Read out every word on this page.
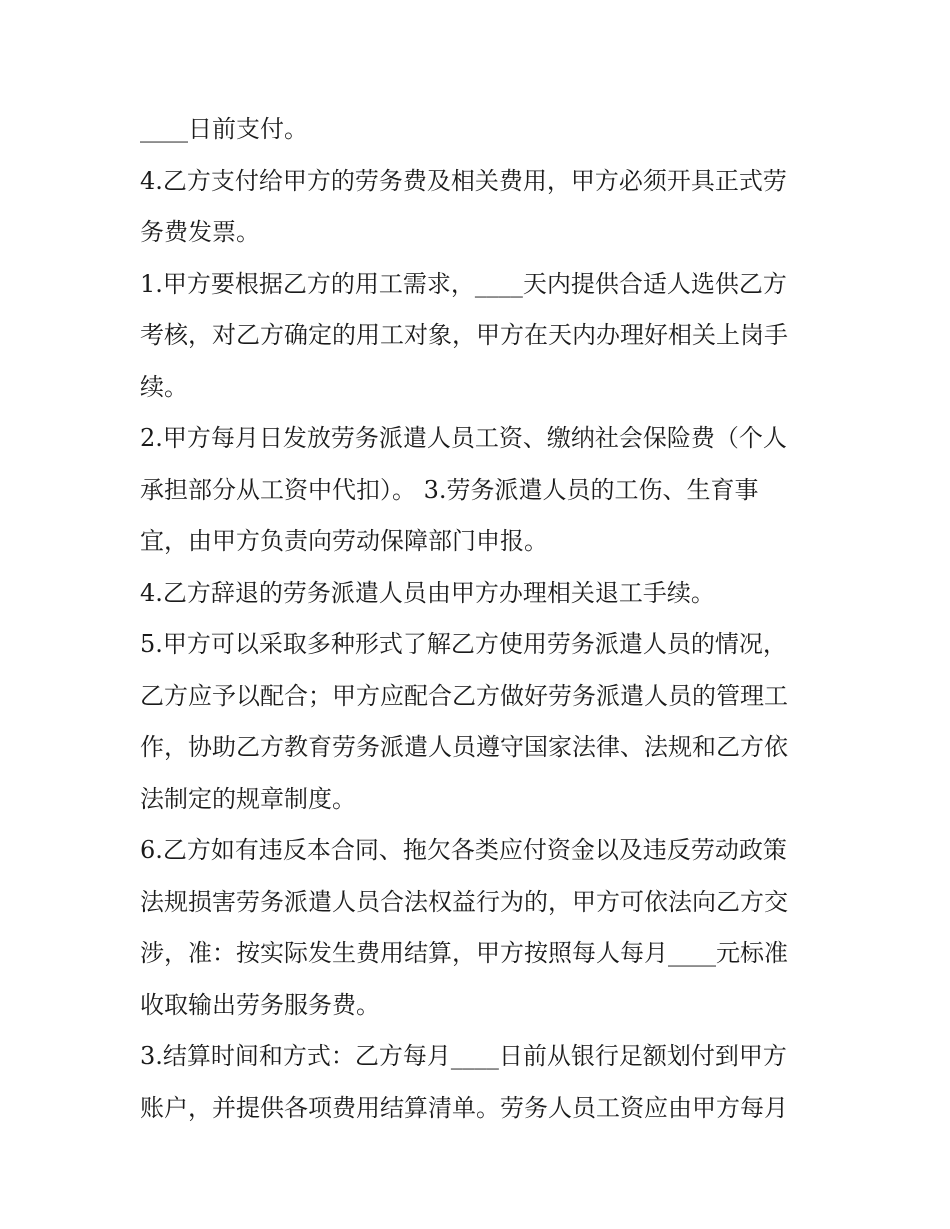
____日前支付。
4.乙方支付给甲方的劳务费及相关费用，甲方必须开具正式劳
务费发票。
1.甲方要根据乙方的用工需求，____天内提供合适人选供乙方
考核，对乙方确定的用工对象，甲方在天内办理好相关上岗手
续。
2.甲方每月日发放劳务派遣人员工资、缴纳社会保险费（个人
承担部分从工资中代扣）。 3.劳务派遣人员的工伤、生育事
宜，由甲方负责向劳动保障部门申报。
4.乙方辞退的劳务派遣人员由甲方办理相关退工手续。
5.甲方可以采取多种形式了解乙方使用劳务派遣人员的情况，
乙方应予以配合；甲方应配合乙方做好劳务派遣人员的管理工
作，协助乙方教育劳务派遣人员遵守国家法律、法规和乙方依
法制定的规章制度。
6.乙方如有违反本合同、拖欠各类应付资金以及违反劳动政策
法规损害劳务派遣人员合法权益行为的，甲方可依法向乙方交
涉，准：按实际发生费用结算，甲方按照每人每月____元标准
收取输出劳务服务费。
3.结算时间和方式：乙方每月____日前从银行足额划付到甲方
账户，并提供各项费用结算清单。劳务人员工资应由甲方每月
